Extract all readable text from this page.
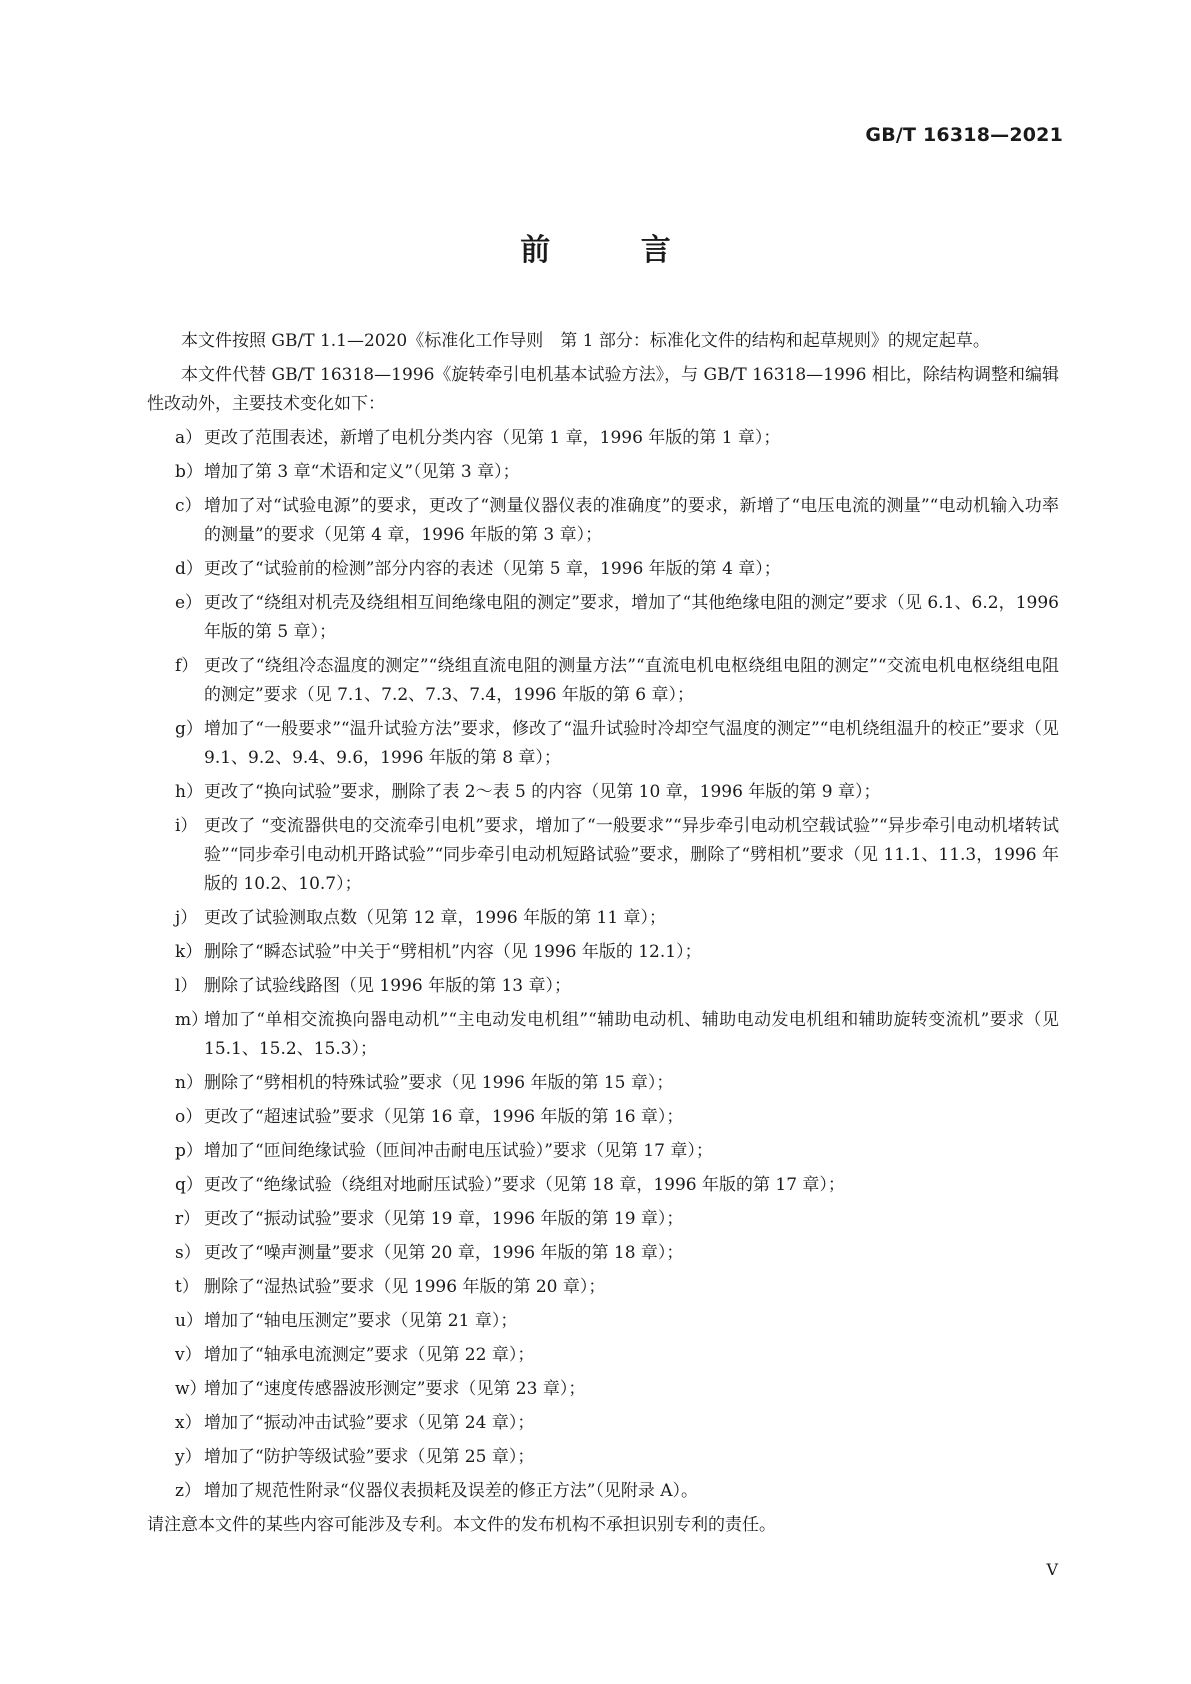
GB/T 16318—2021
前 言

本文件按照 GB/T 1.1—2020《标准化工作导则　第 1 部分：标准化文件的结构和起草规则》的规定起草。

本文件代替 GB/T 16318—1996《旋转牵引电机基本试验方法》，与 GB/T 16318—1996 相比，除结构调整和编辑性改动外，主要技术变化如下：

a） 更改了范围表述，新增了电机分类内容（见第 1 章，1996 年版的第 1 章）；
b） 增加了第 3 章“术语和定义”（见第 3 章）；
c） 增加了对“试验电源”的要求，更改了“测量仪器仪表的准确度”的要求，新增了“电压电流的测量”“电动机输入功率的测量”的要求（见第 4 章，1996 年版的第 3 章）；
d） 更改了“试验前的检测”部分内容的表述（见第 5 章，1996 年版的第 4 章）；
e） 更改了“绕组对机壳及绕组相互间绝缘电阻的测定”要求，增加了“其他绝缘电阻的测定”要求（见 6.1、6.2，1996 年版的第 5 章）；
f） 更改了“绕组冷态温度的测定”“绕组直流电阻的测量方法”“直流电机电枢绕组电阻的测定”“交流电机电枢绕组电阻的测定”要求（见 7.1、7.2、7.3、7.4，1996 年版的第 6 章）；
g） 增加了“一般要求”“温升试验方法”要求，修改了“温升试验时冷却空气温度的测定”“电机绕组温升的校正”要求（见 9.1、9.2、9.4、9.6，1996 年版的第 8 章）；
h） 更改了“换向试验”要求，删除了表 2～表 5 的内容（见第 10 章，1996 年版的第 9 章）；
i） 更改了 “变流器供电的交流牵引电机”要求，增加了“一般要求”“异步牵引电动机空载试验”“异步牵引电动机堵转试验”“同步牵引电动机开路试验”“同步牵引电动机短路试验”要求，删除了“劈相机”要求（见 11.1、11.3，1996 年版的 10.2、10.7）；
j） 更改了试验测取点数（见第 12 章，1996 年版的第 11 章）；
k） 删除了“瞬态试验”中关于“劈相机”内容（见 1996 年版的 12.1）；
l） 删除了试验线路图（见 1996 年版的第 13 章）；
m）
增加了“单相交流换向器电动机”“主电动发电机组”“辅助电动机、辅助电动发电机组和辅助旋转变流机”要求（见 15.1、15.2、15.3）；
n） 删除了“劈相机的特殊试验”要求（见 1996 年版的第 15 章）；
o） 更改了“超速试验”要求（见第 16 章，1996 年版的第 16 章）；
p） 增加了“匝间绝缘试验（匝间冲击耐电压试验）”要求（见第 17 章）；
q） 更改了“绝缘试验（绕组对地耐压试验）”要求（见第 18 章，1996 年版的第 17 章）；
r） 更改了“振动试验”要求（见第 19 章，1996 年版的第 19 章）；
s） 更改了“噪声测量”要求（见第 20 章，1996 年版的第 18 章）；
t） 删除了“湿热试验”要求（见 1996 年版的第 20 章）；
u） 增加了“轴电压测定”要求（见第 21 章）；
v） 增加了“轴承电流测定”要求（见第 22 章）；
w）
增加了“速度传感器波形测定”要求（见第 23 章）；
x） 增加了“振动冲击试验”要求（见第 24 章）；
y） 增加了“防护等级试验”要求（见第 25 章）；
z） 增加了规范性附录“仪器仪表损耗及误差的修正方法”（见附录 A）。

请注意本文件的某些内容可能涉及专利。本文件的发布机构不承担识别专利的责任。

V
